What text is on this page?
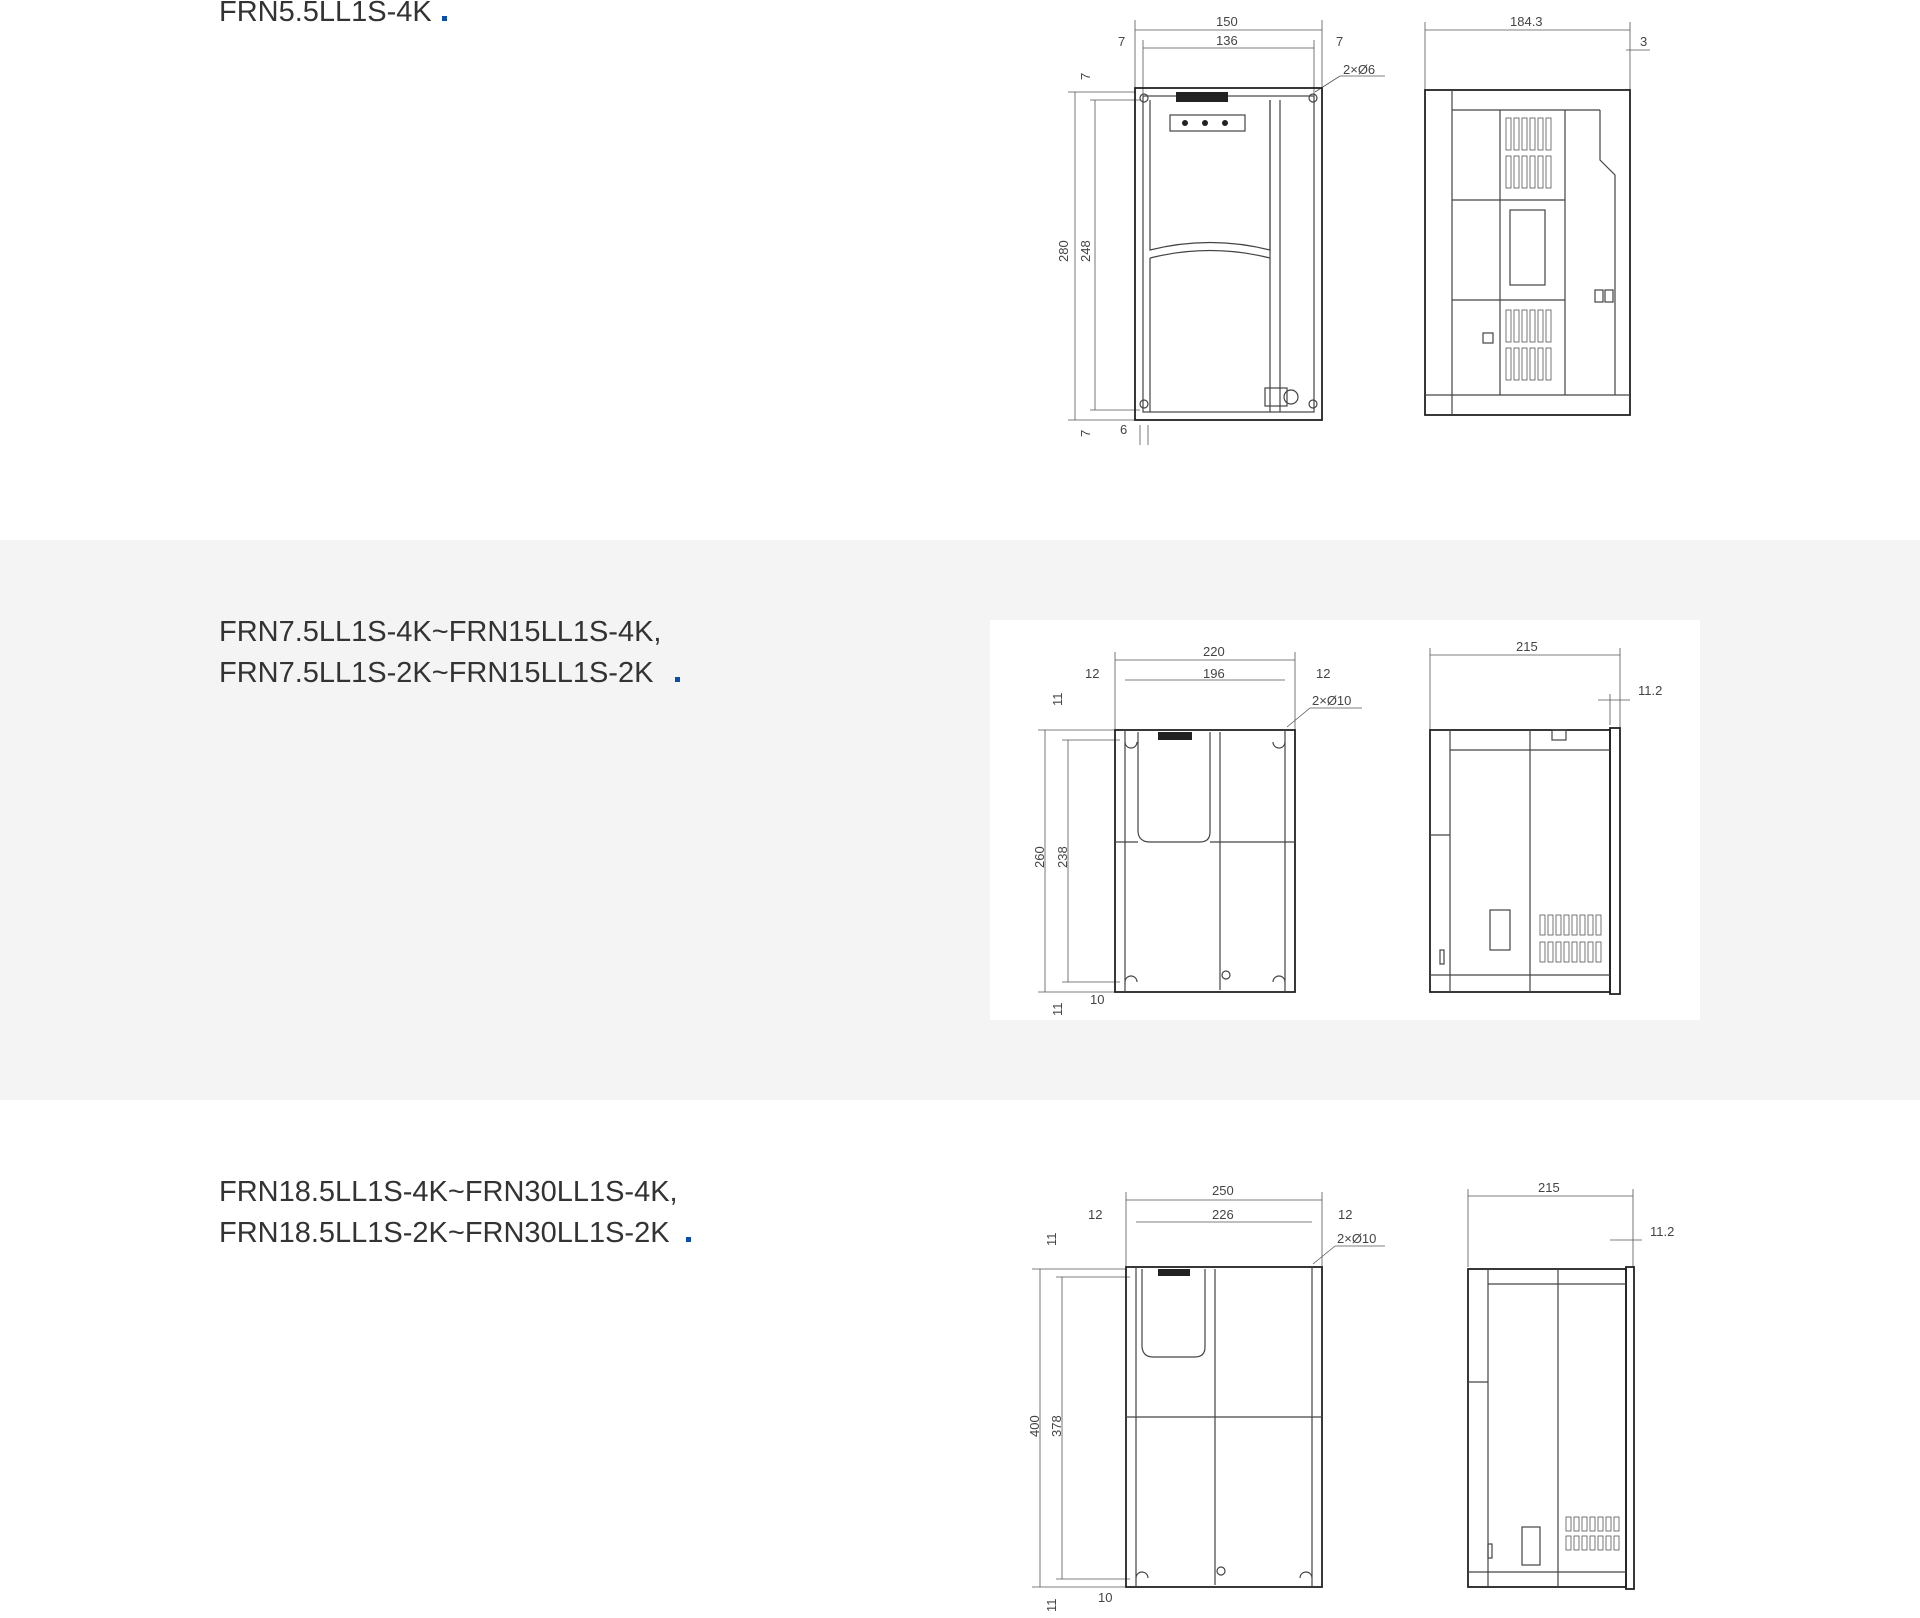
FRN5.5LL1S-4K	150
136
7	7
2×Ø6
280 248
7
7 6
184.3
3
FRN7.5LL1S-4K~FRN15LL1S-4K,
FRN7.5LL1S-2K~FRN15LL1S-2K
220
196
12	12
2×Ø10
260 238
11
11
10
215
11.2
FRN18.5LL1S-4K~FRN30LL1S-4K,
FRN18.5LL1S-2K~FRN30LL1S-2K
250
226
12	12
2×Ø10
400 378
11
11
10
215
11.2
